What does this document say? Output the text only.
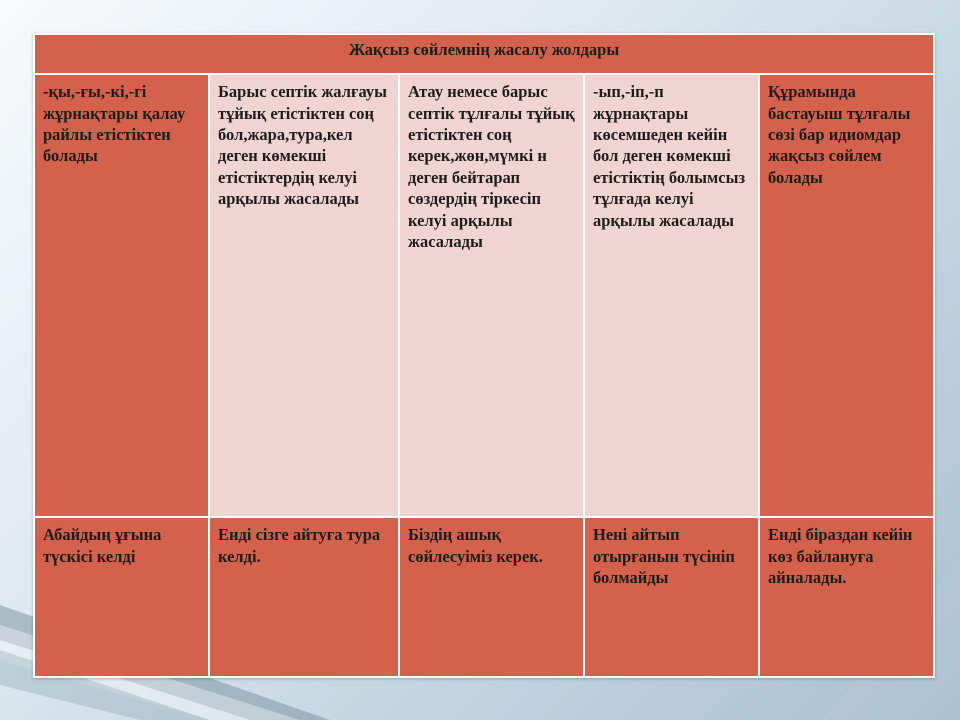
Жақсыз сөйлемнің жасалу жолдары				
-қы,-ғы,-кі,-гі жұрнақтары қалау райлы етістіктен болады	Барыс септік жалғауы тұйық етістіктен соң бол,жара,тура,кел деген көмекші етістіктердің келуі арқылы жасалады	Атау немесе барыс септік тұлғалы тұйық етістіктен соң керек,жөн,мүмкі н деген бейтарап сөздердің тіркесіп келуі арқылы жасалады	-ып,-іп,-п жұрнақтары көсемшеден кейін бол деген көмекші етістіктің болымсыз тұлғада келуі арқылы жасалады	Құрамында бастауыш тұлғалы сөзі бар идиомдар жақсыз сөйлем болады
Абайдың ұғына түскісі келді	Енді сізге айтуға тура келді.	Біздің ашық сөйлесуіміз керек.	Нені айтып отырғанын түсініп болмайды	Енді біраздан кейін көз байлануға айналады.
